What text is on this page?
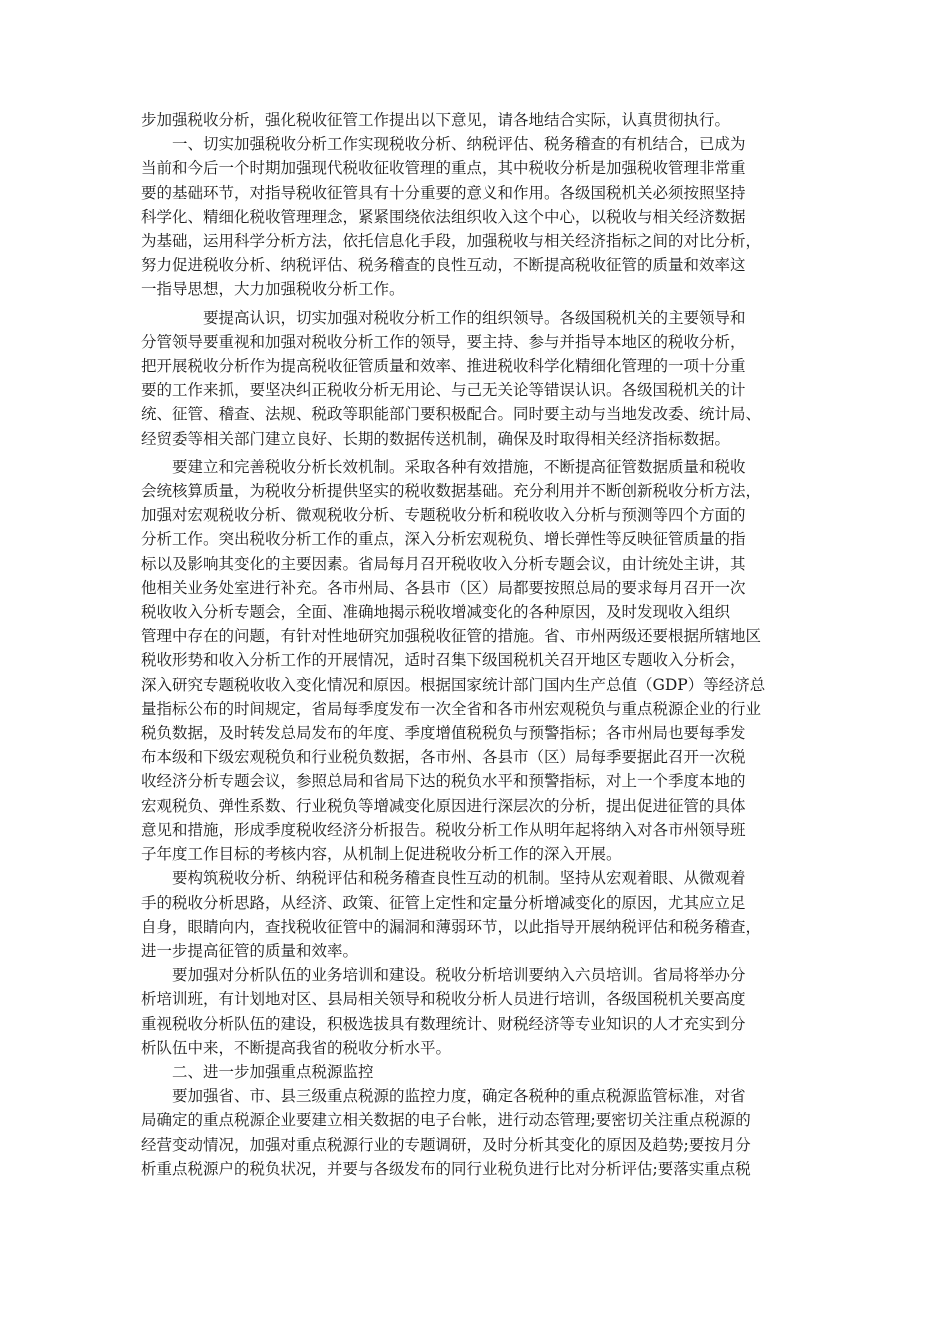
步加强税收分析，强化税收征管工作提出以下意见，请各地结合实际，认真贯彻执行。
　　一、切实加强税收分析工作实现税收分析、纳税评估、税务稽查的有机结合，已成为
当前和今后一个时期加强现代税收征收管理的重点，其中税收分析是加强税收管理非常重
要的基础环节，对指导税收征管具有十分重要的意义和作用。各级国税机关必须按照坚持
科学化、精细化税收管理理念，紧紧围绕依法组织收入这个中心，以税收与相关经济数据
为基础，运用科学分析方法，依托信息化手段，加强税收与相关经济指标之间的对比分析，
努力促进税收分析、纳税评估、税务稽查的良性互动，不断提高税收征管的质量和效率这
一指导思想，大力加强税收分析工作。
　　　　要提高认识，切实加强对税收分析工作的组织领导。各级国税机关的主要领导和
分管领导要重视和加强对税收分析工作的领导，要主持、参与并指导本地区的税收分析，
把开展税收分析作为提高税收征管质量和效率、推进税收科学化精细化管理的一项十分重
要的工作来抓，要坚决纠正税收分析无用论、与己无关论等错误认识。各级国税机关的计
统、征管、稽查、法规、税政等职能部门要积极配合。同时要主动与当地发改委、统计局、
经贸委等相关部门建立良好、长期的数据传送机制，确保及时取得相关经济指标数据。
　　要建立和完善税收分析长效机制。采取各种有效措施，不断提高征管数据质量和税收
会统核算质量，为税收分析提供坚实的税收数据基础。充分利用并不断创新税收分析方法，
加强对宏观税收分析、微观税收分析、专题税收分析和税收收入分析与预测等四个方面的
分析工作。突出税收分析工作的重点，深入分析宏观税负、增长弹性等反映征管质量的指
标以及影响其变化的主要因素。省局每月召开税收收入分析专题会议，由计统处主讲，其
他相关业务处室进行补充。各市州局、各县市（区）局都要按照总局的要求每月召开一次
税收收入分析专题会，全面、准确地揭示税收增减变化的各种原因，及时发现收入组织
管理中存在的问题，有针对性地研究加强税收征管的措施。省、市州两级还要根据所辖地区
税收形势和收入分析工作的开展情况，适时召集下级国税机关召开地区专题收入分析会，
深入研究专题税收收入变化情况和原因。根据国家统计部门国内生产总值（GDP）等经济总
量指标公布的时间规定，省局每季度发布一次全省和各市州宏观税负与重点税源企业的行业
税负数据，及时转发总局发布的年度、季度增值税税负与预警指标；各市州局也要每季发
布本级和下级宏观税负和行业税负数据，各市州、各县市（区）局每季要据此召开一次税
收经济分析专题会议，参照总局和省局下达的税负水平和预警指标，对上一个季度本地的
宏观税负、弹性系数、行业税负等增减变化原因进行深层次的分析，提出促进征管的具体
意见和措施，形成季度税收经济分析报告。税收分析工作从明年起将纳入对各市州领导班
子年度工作目标的考核内容，从机制上促进税收分析工作的深入开展。
　　要构筑税收分析、纳税评估和税务稽查良性互动的机制。坚持从宏观着眼、从微观着
手的税收分析思路，从经济、政策、征管上定性和定量分析增减变化的原因，尤其应立足
自身，眼睛向内，查找税收征管中的漏洞和薄弱环节，以此指导开展纳税评估和税务稽查，
进一步提高征管的质量和效率。
　　要加强对分析队伍的业务培训和建设。税收分析培训要纳入六员培训。省局将举办分
析培训班，有计划地对区、县局相关领导和税收分析人员进行培训，各级国税机关要高度
重视税收分析队伍的建设，积极选拔具有数理统计、财税经济等专业知识的人才充实到分
析队伍中来，不断提高我省的税收分析水平。
　　二、进一步加强重点税源监控
　　要加强省、市、县三级重点税源的监控力度，确定各税种的重点税源监管标准，对省
局确定的重点税源企业要建立相关数据的电子台帐，进行动态管理;要密切关注重点税源的
经营变动情况，加强对重点税源行业的专题调研，及时分析其变化的原因及趋势;要按月分
析重点税源户的税负状况，并要与各级发布的同行业税负进行比对分析评估;要落实重点税
